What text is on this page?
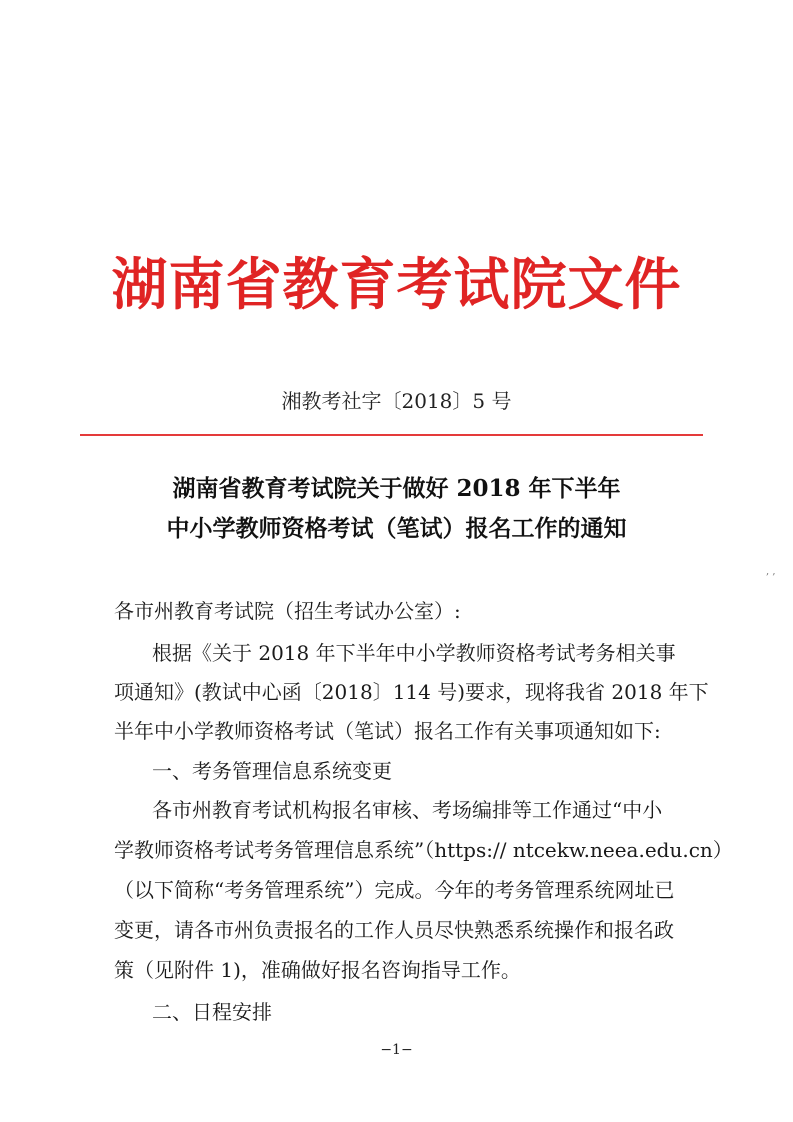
湖南省教育考试院文件
湘教考社字〔2018〕5 号
湖南省教育考试院关于做好 2018 年下半年
中小学教师资格考试（笔试）报名工作的通知
, ,
各市州教育考试院（招生考试办公室）:
根据《关于 2018 年下半年中小学教师资格考试考务相关事
项通知》(教试中心函〔2018〕114 号)要求，现将我省 2018 年下
半年中小学教师资格考试（笔试）报名工作有关事项通知如下:
一、考务管理信息系统变更
各市州教育考试机构报名审核、考场编排等工作通过“中小
学教师资格考试考务管理信息系统”（https:// ntcekw.neea.edu.cn）
（以下简称“考务管理系统”）完成。今年的考务管理系统网址已
变更，请各市州负责报名的工作人员尽快熟悉系统操作和报名政
策（见附件 1)，准确做好报名咨询指导工作。
二、日程安排
−1−
